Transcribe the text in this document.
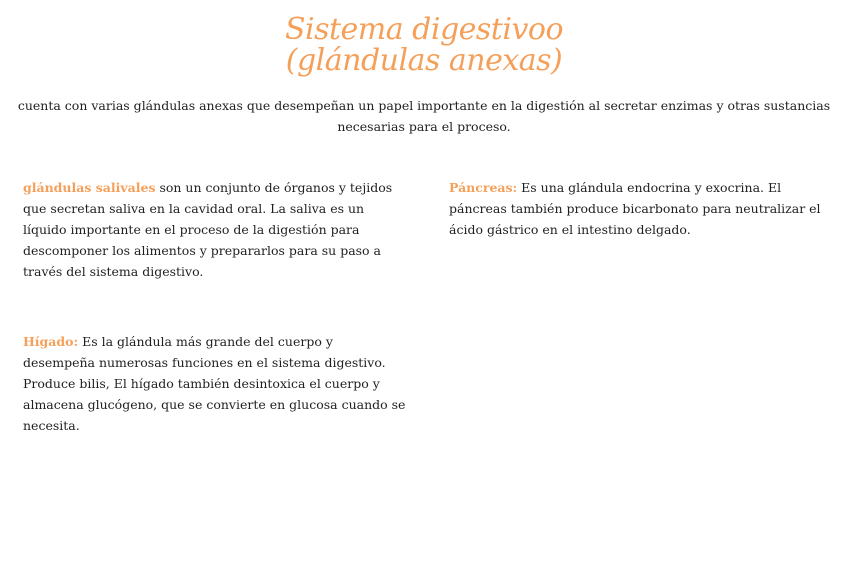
Sistema digestivoo
(glándulas anexas)
cuenta con varias glándulas anexas que desempeñan un papel importante en la digestión al secretar enzimas y otras sustancias necesarias para el proceso.
glándulas salivales son un conjunto de órganos y tejidos que secretan saliva en la cavidad oral. La saliva es un líquido importante en el proceso de la digestión para descomponer los alimentos y prepararlos para su paso a través del sistema digestivo.
Páncreas: Es una glándula endocrina y exocrina. El páncreas también produce bicarbonato para neutralizar el ácido gástrico en el intestino delgado.
Hígado: Es la glándula más grande del cuerpo y desempeña numerosas funciones en el sistema digestivo. Produce bilis, El hígado también desintoxica el cuerpo y almacena glucógeno, que se convierte en glucosa cuando se necesita.
